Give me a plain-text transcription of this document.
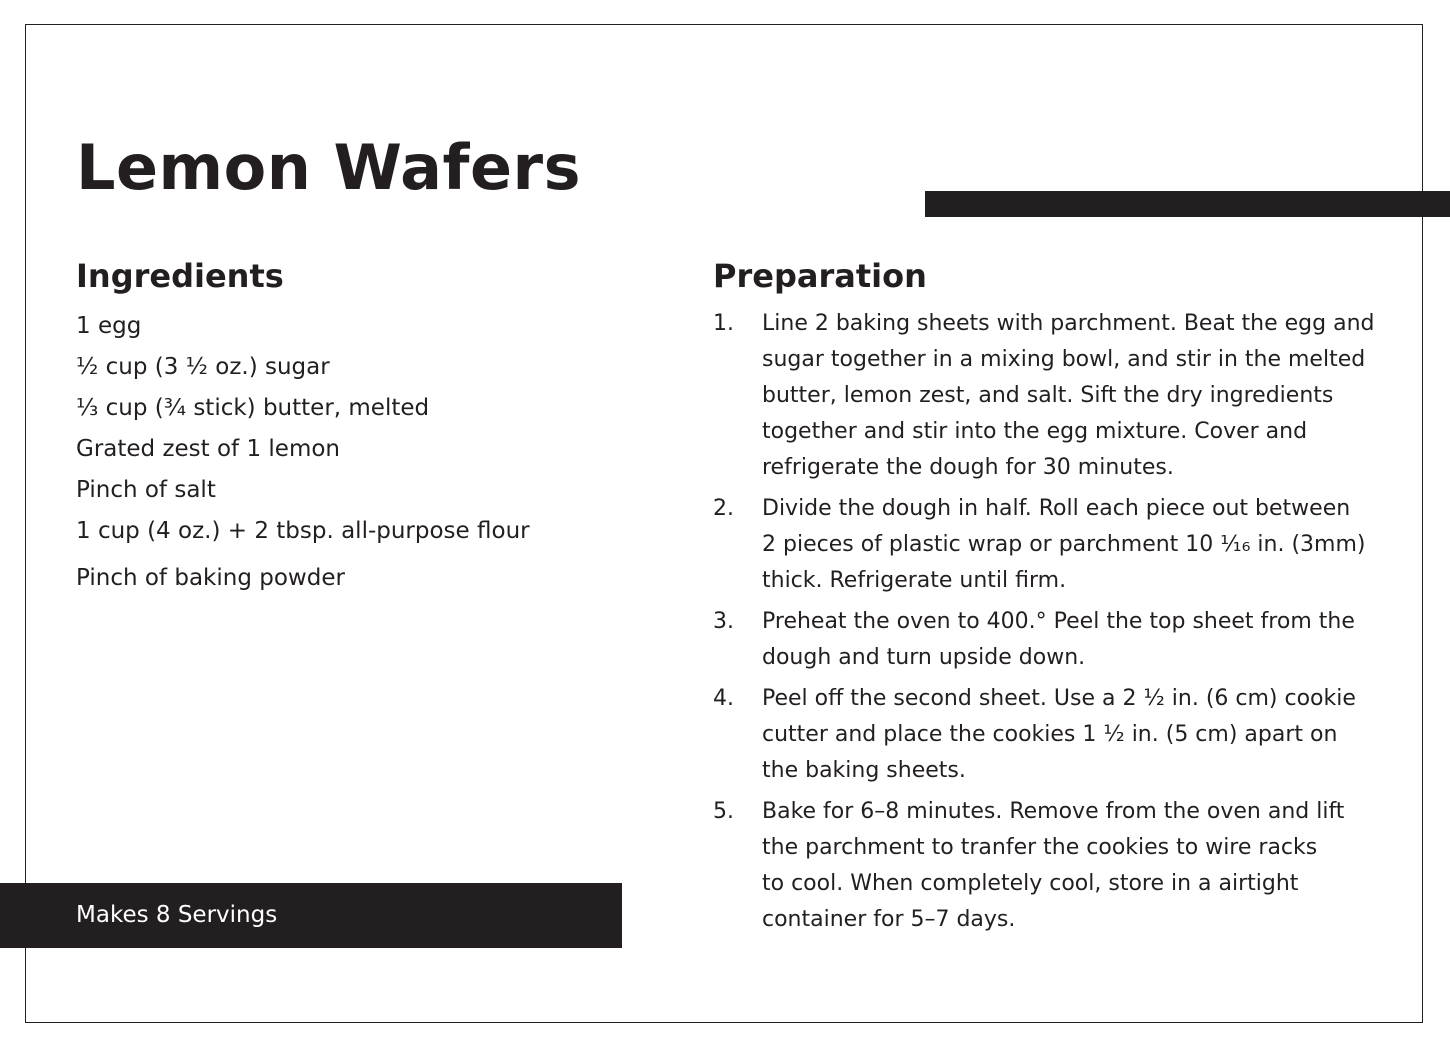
Lemon Wafers
Ingredients
1 egg
½ cup (3 ½ oz.) sugar
⅓ cup (¾ stick) butter, melted
Grated zest of 1 lemon
Pinch of salt
1 cup (4 oz.) + 2 tbsp. all-purpose flour
Pinch of baking powder
Preparation
1.	Line 2 baking sheets with parchment. Beat the egg and
sugar together in a mixing bowl, and stir in the melted
butter, lemon zest, and salt. Sift the dry ingredients
together and stir into the egg mixture. Cover and
refrigerate the dough for 30 minutes.
2.	Divide the dough in half. Roll each piece out between
2 pieces of plastic wrap or parchment 10 ¹⁄₁₆ in. (3mm)
thick. Refrigerate until firm.
3.	Preheat the oven to 400.° Peel the top sheet from the
dough and turn upside down.
4.	Peel off the second sheet. Use a 2 ½ in. (6 cm) cookie
cutter and place the cookies 1 ½ in. (5 cm) apart on
the baking sheets.
5.	Bake for 6–8 minutes. Remove from the oven and lift
the parchment to tranfer the cookies to wire racks
to cool. When completely cool, store in a airtight
container for 5–7 days.
Makes 8 Servings
